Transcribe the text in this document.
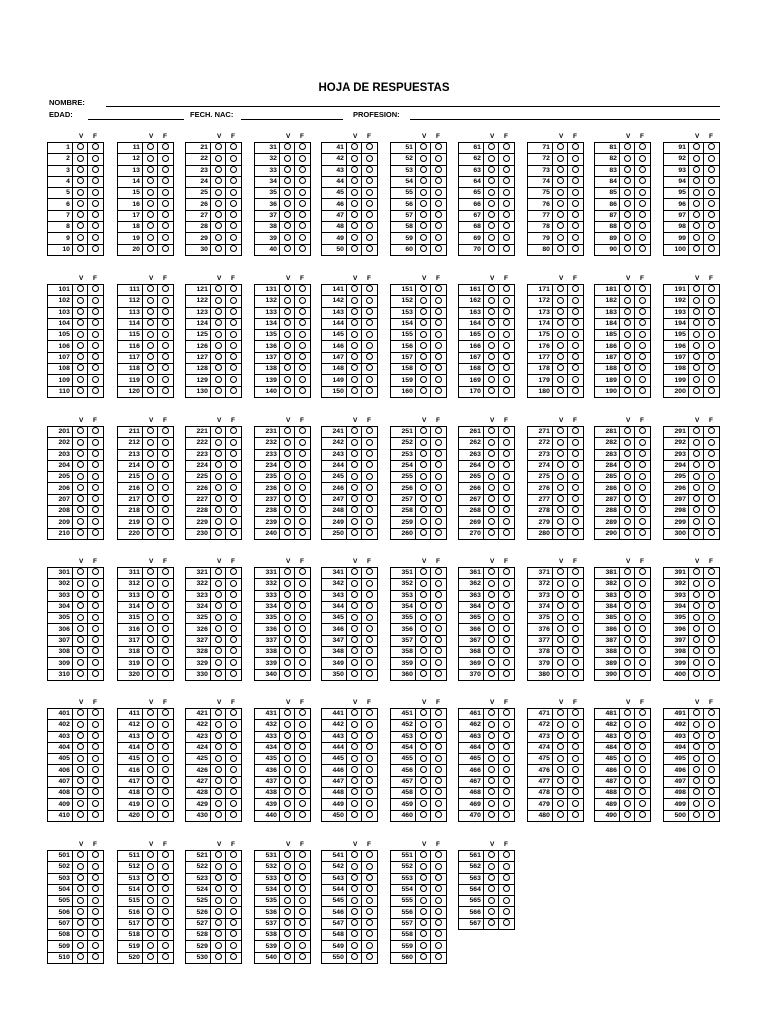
HOJA DE RESPUESTAS
NOMBRE:
EDAD:	FECH. NAC:	PROFESION:
V F
1		
2		
3		
4		
5		
6		
7		
8		
9		
10		
V F
11		
12		
13		
14		
15		
16		
17		
18		
19		
20		
V F
21		
22		
23		
24		
25		
26		
27		
28		
29		
30		
V F
31		
32		
33		
34		
35		
36		
37		
38		
39		
40		
V F
41		
42		
43		
44		
45		
46		
47		
48		
49		
50		
V F
51		
52		
53		
54		
55		
56		
57		
58		
59		
60		
V F
61		
62		
63		
64		
65		
66		
67		
68		
69		
70		
V F
71		
72		
73		
74		
75		
76		
77		
78		
79		
80		
V F
81		
82		
83		
84		
85		
86		
87		
88		
89		
90		
V F
91		
92		
93		
94		
95		
96		
97		
98		
99		
100		
V F
101		
102		
103		
104		
105		
106		
107		
108		
109		
110		
V F
111		
112		
113		
114		
115		
116		
117		
118		
119		
120		
V F
121		
122		
123		
124		
125		
126		
127		
128		
129		
130		
V F
131		
132		
133		
134		
135		
136		
137		
138		
139		
140		
V F
141		
142		
143		
144		
145		
146		
147		
148		
149		
150		
V F
151		
152		
153		
154		
155		
156		
157		
158		
159		
160		
V F
161		
162		
163		
164		
165		
166		
167		
168		
169		
170		
V F
171		
172		
173		
174		
175		
176		
177		
178		
179		
180		
V F
181		
182		
183		
184		
185		
186		
187		
188		
189		
190		
V F
191		
192		
193		
194		
195		
196		
197		
198		
199		
200		
V F
201		
202		
203		
204		
205		
206		
207		
208		
209		
210		
V F
211		
212		
213		
214		
215		
216		
217		
218		
219		
220		
V F
221		
222		
223		
224		
225		
226		
227		
228		
229		
230		
V F
231		
232		
233		
234		
235		
236		
237		
238		
239		
240		
V F
241		
242		
243		
244		
245		
246		
247		
248		
249		
250		
V F
251		
252		
253		
254		
255		
256		
257		
258		
259		
260		
V F
261		
262		
263		
264		
265		
266		
267		
268		
269		
270		
V F
271		
272		
273		
274		
275		
276		
277		
278		
279		
280		
V F
281		
282		
283		
284		
285		
286		
287		
288		
289		
290		
V F
291		
292		
293		
294		
295		
296		
297		
298		
299		
300		
V F
301		
302		
303		
304		
305		
306		
307		
308		
309		
310		
V F
311		
312		
313		
314		
315		
316		
317		
318		
319		
320		
V F
321		
322		
323		
324		
325		
326		
327		
328		
329		
330		
V F
331		
332		
333		
334		
335		
336		
337		
338		
339		
340		
V F
341		
342		
343		
344		
345		
346		
347		
348		
349		
350		
V F
351		
352		
353		
354		
355		
356		
357		
358		
359		
360		
V F
361		
362		
363		
364		
365		
366		
367		
368		
369		
370		
V F
371		
372		
373		
374		
375		
376		
377		
378		
379		
380		
V F
381		
382		
383		
384		
385		
386		
387		
388		
389		
390		
V F
391		
392		
393		
394		
395		
396		
397		
398		
399		
400		
V F
401		
402		
403		
404		
405		
406		
407		
408		
409		
410		
V F
411		
412		
413		
414		
415		
416		
417		
418		
419		
420		
V F
421		
422		
423		
424		
425		
426		
427		
428		
429		
430		
V F
431		
432		
433		
434		
435		
436		
437		
438		
439		
440		
V F
441		
442		
443		
444		
445		
446		
447		
448		
449		
450		
V F
451		
452		
453		
454		
455		
456		
457		
458		
459		
460		
V F
461		
462		
463		
464		
465		
466		
467		
468		
469		
470		
V F
471		
472		
473		
474		
475		
476		
477		
478		
479		
480		
V F
481		
482		
483		
484		
485		
486		
487		
488		
489		
490		
V F
491		
492		
493		
494		
495		
496		
497		
498		
499		
500		
V F
501		
502		
503		
504		
505		
506		
507		
508		
509		
510		
V F
511		
512		
513		
514		
515		
516		
517		
518		
519		
520		
V F
521		
522		
523		
524		
525		
526		
527		
528		
529		
530		
V F
531		
532		
533		
534		
535		
536		
537		
538		
539		
540		
V F
541		
542		
543		
544		
545		
546		
547		
548		
549		
550		
V F
551		
552		
553		
554		
555		
556		
557		
558		
559		
560		
V F
561		
562		
563		
564		
565		
566		
567		
